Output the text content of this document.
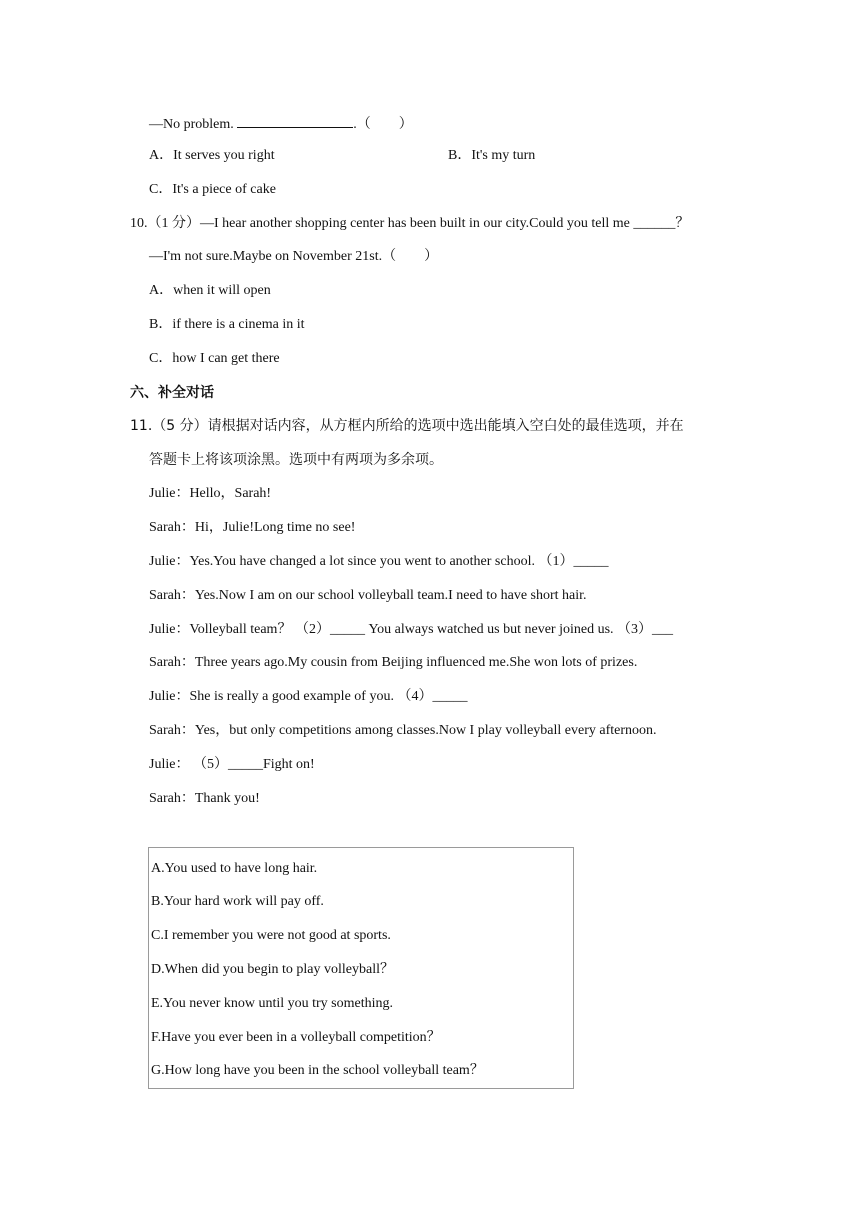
—No problem.	.（　　）
A．It serves you right	B．It's my turn
C．It's a piece of cake
10.（1 分）—I hear another shopping center has been built in our city.Could you tell me ______？
—I'm not sure.Maybe on November 21st.（　　）
A．when it will open
B．if there is a cinema in it
C．how I can get there
六、补全对话
11.（5 分）请根据对话内容，从方框内所给的选项中选出能填入空白处的最佳选项，并在
答题卡上将该项涂黑。选项中有两项为多余项。
Julie：Hello，Sarah!
Sarah：Hi，Julie!Long time no see!
Julie：Yes.You have changed a lot since you went to another school. （1）_____
Sarah：Yes.Now I am on our school volleyball team.I need to have short hair.
Julie：Volleyball team？ （2）_____ You always watched us but never joined us. （3）___
Sarah：Three years ago.My cousin from Beijing influenced me.She won lots of prizes.
Julie：She is really a good example of you. （4）_____
Sarah：Yes，but only competitions among classes.Now I play volleyball every afternoon.
Julie： （5）_____Fight on!
Sarah：Thank you!
A.You used to have long hair.
B.Your hard work will pay off.
C.I remember you were not good at sports.
D.When did you begin to play volleyball？
E.You never know until you try something.
F.Have you ever been in a volleyball competition？
G.How long have you been in the school volleyball team？
